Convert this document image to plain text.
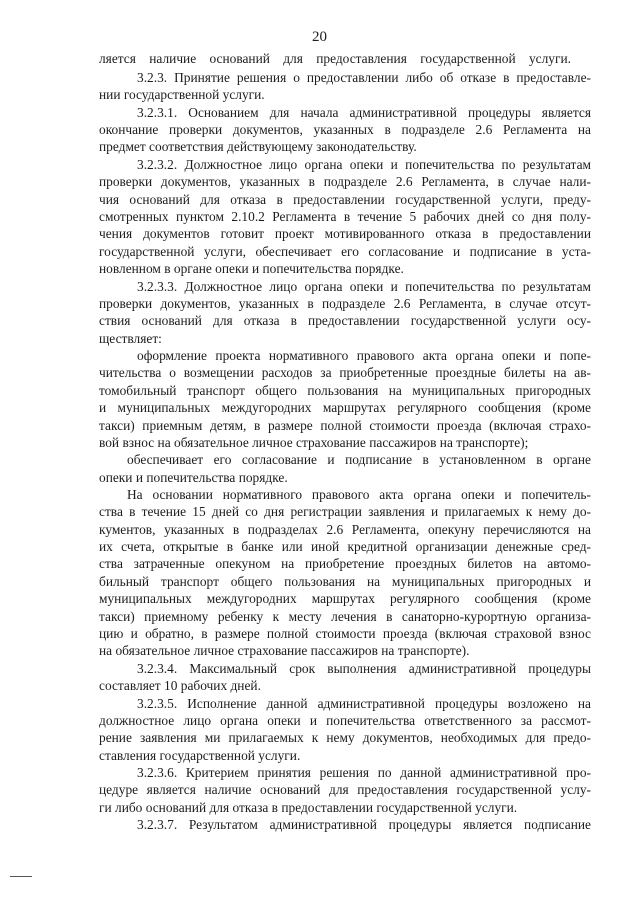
20
ляется наличие оснований для предоставления государственной услуги.
3.2.3. Принятие решения о предоставлении либо об отказе в предоставле-
нии государственной услуги.
3.2.3.1. Основанием для начала административной процедуры является
окончание проверки документов, указанных в подразделе 2.6 Регламента на
предмет соответствия действующему законодательству.
3.2.3.2. Должностное лицо органа опеки и попечительства по результатам
проверки документов, указанных в подразделе 2.6 Регламента, в случае нали-
чия оснований для отказа в предоставлении государственной услуги, преду-
смотренных пунктом 2.10.2 Регламента в течение 5 рабочих дней со дня полу-
чения документов готовит проект мотивированного отказа в предоставлении
государственной услуги, обеспечивает его согласование и подписание в уста-
новленном в органе опеки и попечительства порядке.
3.2.3.3. Должностное лицо органа опеки и попечительства по результатам
проверки документов, указанных в подразделе 2.6 Регламента, в случае отсут-
ствия оснований для отказа в предоставлении государственной услуги осу-
ществляет:
оформление проекта нормативного правового акта органа опеки и попе-
чительства о возмещении расходов за приобретенные проездные билеты на ав-
томобильный транспорт общего пользования на муниципальных пригородных
и муниципальных междугородних маршрутах регулярного сообщения (кроме
такси) приемным детям, в размере полной стоимости проезда (включая страхо-
вой взнос на обязательное личное страхование пассажиров на транспорте);
обеспечивает его согласование и подписание в установленном в органе
опеки и попечительства порядке.
На основании нормативного правового акта органа опеки и попечитель-
ства в течение 15 дней со дня регистрации заявления и прилагаемых к нему до-
кументов, указанных в подразделах 2.6 Регламента, опекуну перечисляются на
их счета, открытые в банке или иной кредитной организации денежные сред-
ства затраченные опекуном на приобретение проездных билетов на автомо-
бильный транспорт общего пользования на муниципальных пригородных и
муниципальных междугородних маршрутах регулярного сообщения (кроме
такси) приемному ребенку к месту лечения в санаторно-курортную организа-
цию и обратно, в размере полной стоимости проезда (включая страховой взнос
на обязательное личное страхование пассажиров на транспорте).
3.2.3.4. Максимальный срок выполнения административной процедуры
составляет 10 рабочих дней.
3.2.3.5. Исполнение данной административной процедуры возложено на
должностное лицо органа опеки и попечительства ответственного за рассмот-
рение заявления ми прилагаемых к нему документов, необходимых для предо-
ставления государственной услуги.
3.2.3.6. Критерием принятия решения по данной административной про-
цедуре является наличие оснований для предоставления государственной услу-
ги либо оснований для отказа в предоставлении государственной услуги.
3.2.3.7. Результатом административной процедуры является подписание
